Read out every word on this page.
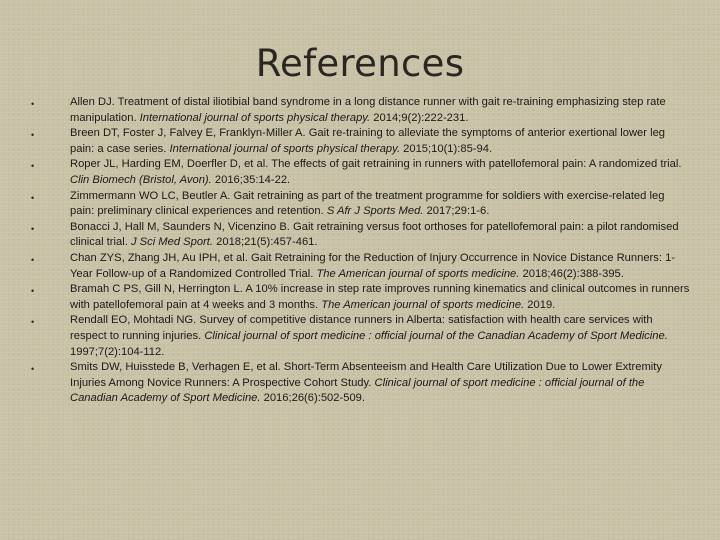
References
•	Allen DJ. Treatment of distal iliotibial band syndrome in a long distance runner with gait re-training emphasizing step rate manipulation. International journal of sports physical therapy. 2014;9(2):222-231.
•	Breen DT, Foster J, Falvey E, Franklyn-Miller A. Gait re-training to alleviate the symptoms of anterior exertional lower leg pain: a case series. International journal of sports physical therapy. 2015;10(1):85-94.
•	Roper JL, Harding EM, Doerfler D, et al. The effects of gait retraining in runners with patellofemoral pain: A randomized trial. Clin Biomech (Bristol, Avon). 2016;35:14-22.
•	Zimmermann WO LC, Beutler A. Gait retraining as part of the treatment programme for soldiers with exercise-related leg pain: preliminary clinical experiences and retention. S Afr J Sports Med. 2017;29:1-6.
•	Bonacci J, Hall M, Saunders N, Vicenzino B. Gait retraining versus foot orthoses for patellofemoral pain: a pilot randomised clinical trial. J Sci Med Sport. 2018;21(5):457-461.
•	Chan ZYS, Zhang JH, Au IPH, et al. Gait Retraining for the Reduction of Injury Occurrence in Novice Distance Runners: 1-Year Follow-up of a Randomized Controlled Trial. The American journal of sports medicine. 2018;46(2):388-395.
•	Bramah C PS, Gill N, Herrington L. A 10% increase in step rate improves running kinematics and clinical outcomes in runners with patellofemoral pain at 4 weeks and 3 months. The American journal of sports medicine. 2019.
•	Rendall EO, Mohtadi NG. Survey of competitive distance runners in Alberta: satisfaction with health care services with respect to running injuries. Clinical journal of sport medicine : official journal of the Canadian Academy of Sport Medicine. 1997;7(2):104-112.
•	Smits DW, Huisstede B, Verhagen E, et al. Short-Term Absenteeism and Health Care Utilization Due to Lower Extremity Injuries Among Novice Runners: A Prospective Cohort Study. Clinical journal of sport medicine : official journal of the Canadian Academy of Sport Medicine. 2016;26(6):502-509.
